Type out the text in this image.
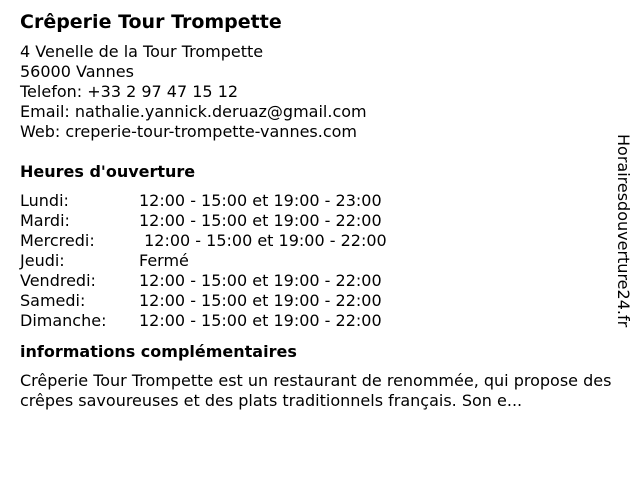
Crêperie Tour Trompette
4 Venelle de la Tour Trompette
56000 Vannes
Telefon: +33 2 97 47 15 12
Email: nathalie.yannick.deruaz@gmail.com
Web: creperie-tour-trompette-vannes.com
Heures d'ouverture
Lundi:	12:00 - 15:00 et 19:00 - 23:00
Mardi:	12:00 - 15:00 et 19:00 - 22:00
Mercredi:	12:00 - 15:00 et 19:00 - 22:00
Jeudi:	Fermé
Vendredi:	12:00 - 15:00 et 19:00 - 22:00
Samedi:	12:00 - 15:00 et 19:00 - 22:00
Dimanche:	12:00 - 15:00 et 19:00 - 22:00
informations complémentaires

Crêperie Tour Trompette est un restaurant de renommée, qui propose des crêpes savoureuses et des plats traditionnels français. Son e...

Horairesdouverture24.fr
